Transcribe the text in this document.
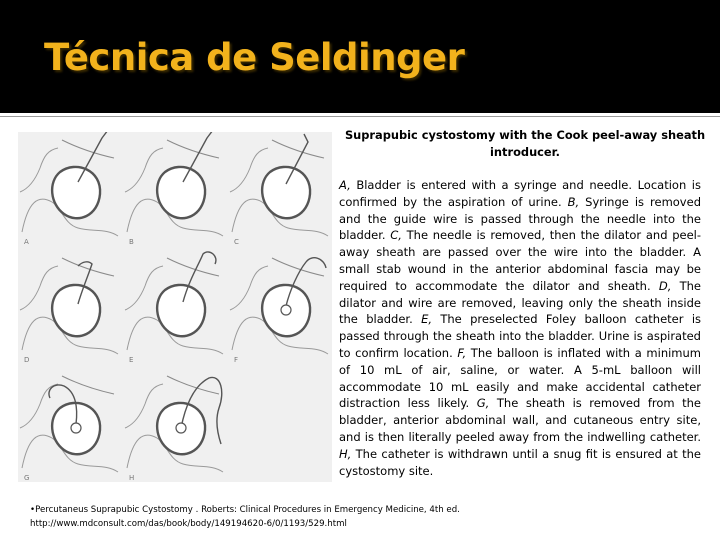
Técnica de Seldinger
A	B	C
D	E	F
G	H
Suprapubic cystostomy with the Cook peel-away sheath introducer.
A, Bladder is entered with a syringe and needle. Location is confirmed by the aspiration of urine. B, Syringe is removed and the guide wire is passed through the needle into the bladder. C, The needle is removed, then the dilator and peel-away sheath are passed over the wire into the bladder. A small stab wound in the anterior abdominal fascia may be required to accommodate the dilator and sheath. D, The dilator and wire are removed, leaving only the sheath inside the bladder. E, The preselected Foley balloon catheter is passed through the sheath into the bladder. Urine is aspirated to confirm location. F, The balloon is inflated with a minimum of 10 mL of air, saline, or water. A 5-mL balloon will accommodate 10 mL easily and make accidental catheter distraction less likely. G, The sheath is removed from the bladder, anterior abdominal wall, and cutaneous entry site, and is then literally peeled away from the indwelling catheter. H, The catheter is withdrawn until a snug fit is ensured at the cystostomy site.
•Percutaneus Suprapubic Cystostomy . Roberts: Clinical Procedures in Emergency Medicine, 4th ed.
http://www.mdconsult.com/das/book/body/149194620-6/0/1193/529.html
